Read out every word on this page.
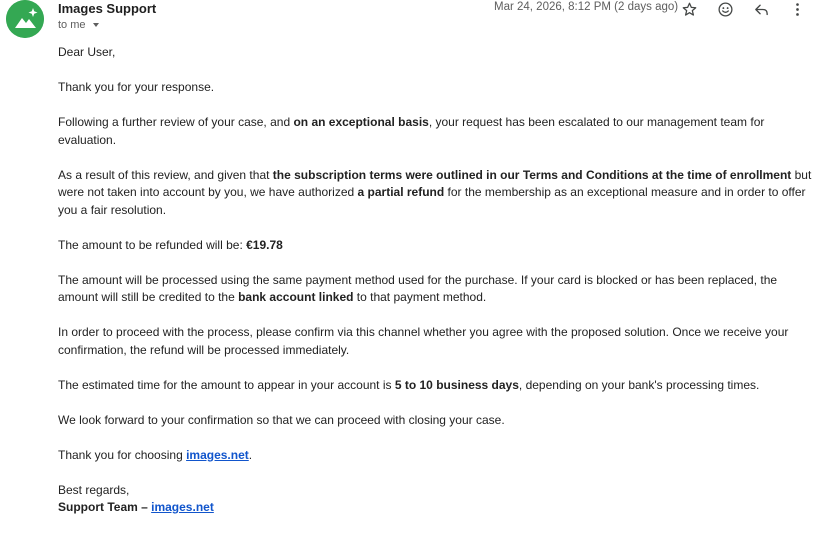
Images Support
to me
Mar 24, 2026, 8:12 PM (2 days ago)

Dear User,

Thank you for your response.

Following a further review of your case, and on an exceptional basis, your request has been escalated to our management team for evaluation.

As a result of this review, and given that the subscription terms were outlined in our Terms and Conditions at the time of enrollment but were not taken into account by you, we have authorized a partial refund for the membership as an exceptional measure and in order to offer you a fair resolution.

The amount to be refunded will be: €19.78

The amount will be processed using the same payment method used for the purchase. If your card is blocked or has been replaced, the amount will still be credited to the bank account linked to that payment method.

In order to proceed with the process, please confirm via this channel whether you agree with the proposed solution. Once we receive your confirmation, the refund will be processed immediately.

The estimated time for the amount to appear in your account is 5 to 10 business days, depending on your bank's processing times.

We look forward to your confirmation so that we can proceed with closing your case.

Thank you for choosing images.net.

Best regards,
Support Team – images.net
